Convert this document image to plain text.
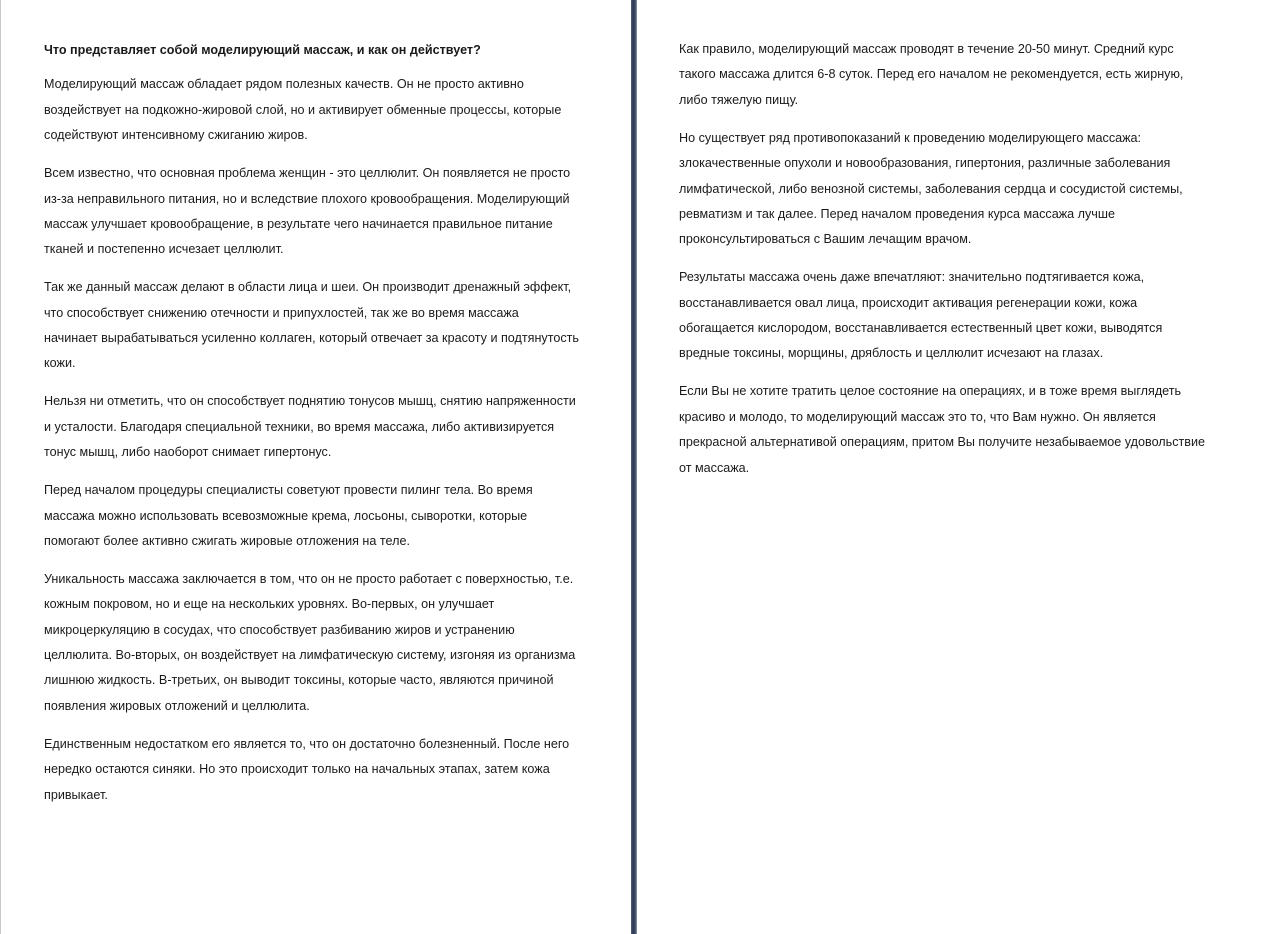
Что представляет собой моделирующий массаж, и как он действует?

Моделирующий массаж обладает рядом полезных качеств. Он не просто активно
воздействует на подкожно-жировой слой, но и активирует обменные процессы, которые
содействуют интенсивному сжиганию жиров.

Всем известно, что основная проблема женщин - это целлюлит. Он появляется не просто
из-за неправильного питания, но и вследствие плохого кровообращения. Моделирующий
массаж улучшает кровообращение, в результате чего начинается правильное питание
тканей и постепенно исчезает целлюлит.

Так же данный массаж делают в области лица и шеи. Он производит дренажный эффект,
что способствует снижению отечности и припухлостей, так же во время массажа
начинает вырабатываться усиленно коллаген, который отвечает за красоту и подтянутость
кожи.

Нельзя ни отметить, что он способствует поднятию тонусов мышц, снятию напряженности
и усталости. Благодаря специальной техники, во время массажа, либо активизируется
тонус мышц, либо наоборот снимает гипертонус.

Перед началом процедуры специалисты советуют провести пилинг тела. Во время
массажа можно использовать всевозможные крема, лосьоны, сыворотки, которые
помогают более активно сжигать жировые отложения на теле.

Уникальность массажа заключается в том, что он не просто работает с поверхностью, т.е.
кожным покровом, но и еще на нескольких уровнях. Во-первых, он улучшает
микроцеркуляцию в сосудах, что способствует разбиванию жиров и устранению
целлюлита. Во-вторых, он воздействует на лимфатическую систему, изгоняя из организма
лишнюю жидкость. В-третьих, он выводит токсины, которые часто, являются причиной
появления жировых отложений и целлюлита.

Единственным недостатком его является то, что он достаточно болезненный. После него
нередко остаются синяки. Но это происходит только на начальных этапах, затем кожа
привыкает.

Как правило, моделирующий массаж проводят в течение 20-50 минут. Средний курс
такого массажа длится 6-8 суток. Перед его началом не рекомендуется, есть жирную,
либо тяжелую пищу.

Но существует ряд противопоказаний к проведению моделирующего массажа:
злокачественные опухоли и новообразования, гипертония, различные заболевания
лимфатической, либо венозной системы, заболевания сердца и сосудистой системы,
ревматизм и так далее. Перед началом проведения курса массажа лучше
проконсультироваться с Вашим лечащим врачом.

Результаты массажа очень даже впечатляют: значительно подтягивается кожа,
восстанавливается овал лица, происходит активация регенерации кожи, кожа
обогащается кислородом, восстанавливается естественный цвет кожи, выводятся
вредные токсины, морщины, дряблость и целлюлит исчезают на глазах.

Если Вы не хотите тратить целое состояние на операциях, и в тоже время выглядеть
красиво и молодо, то моделирующий массаж это то, что Вам нужно. Он является
прекрасной альтернативой операциям, притом Вы получите незабываемое удовольствие
от массажа.
